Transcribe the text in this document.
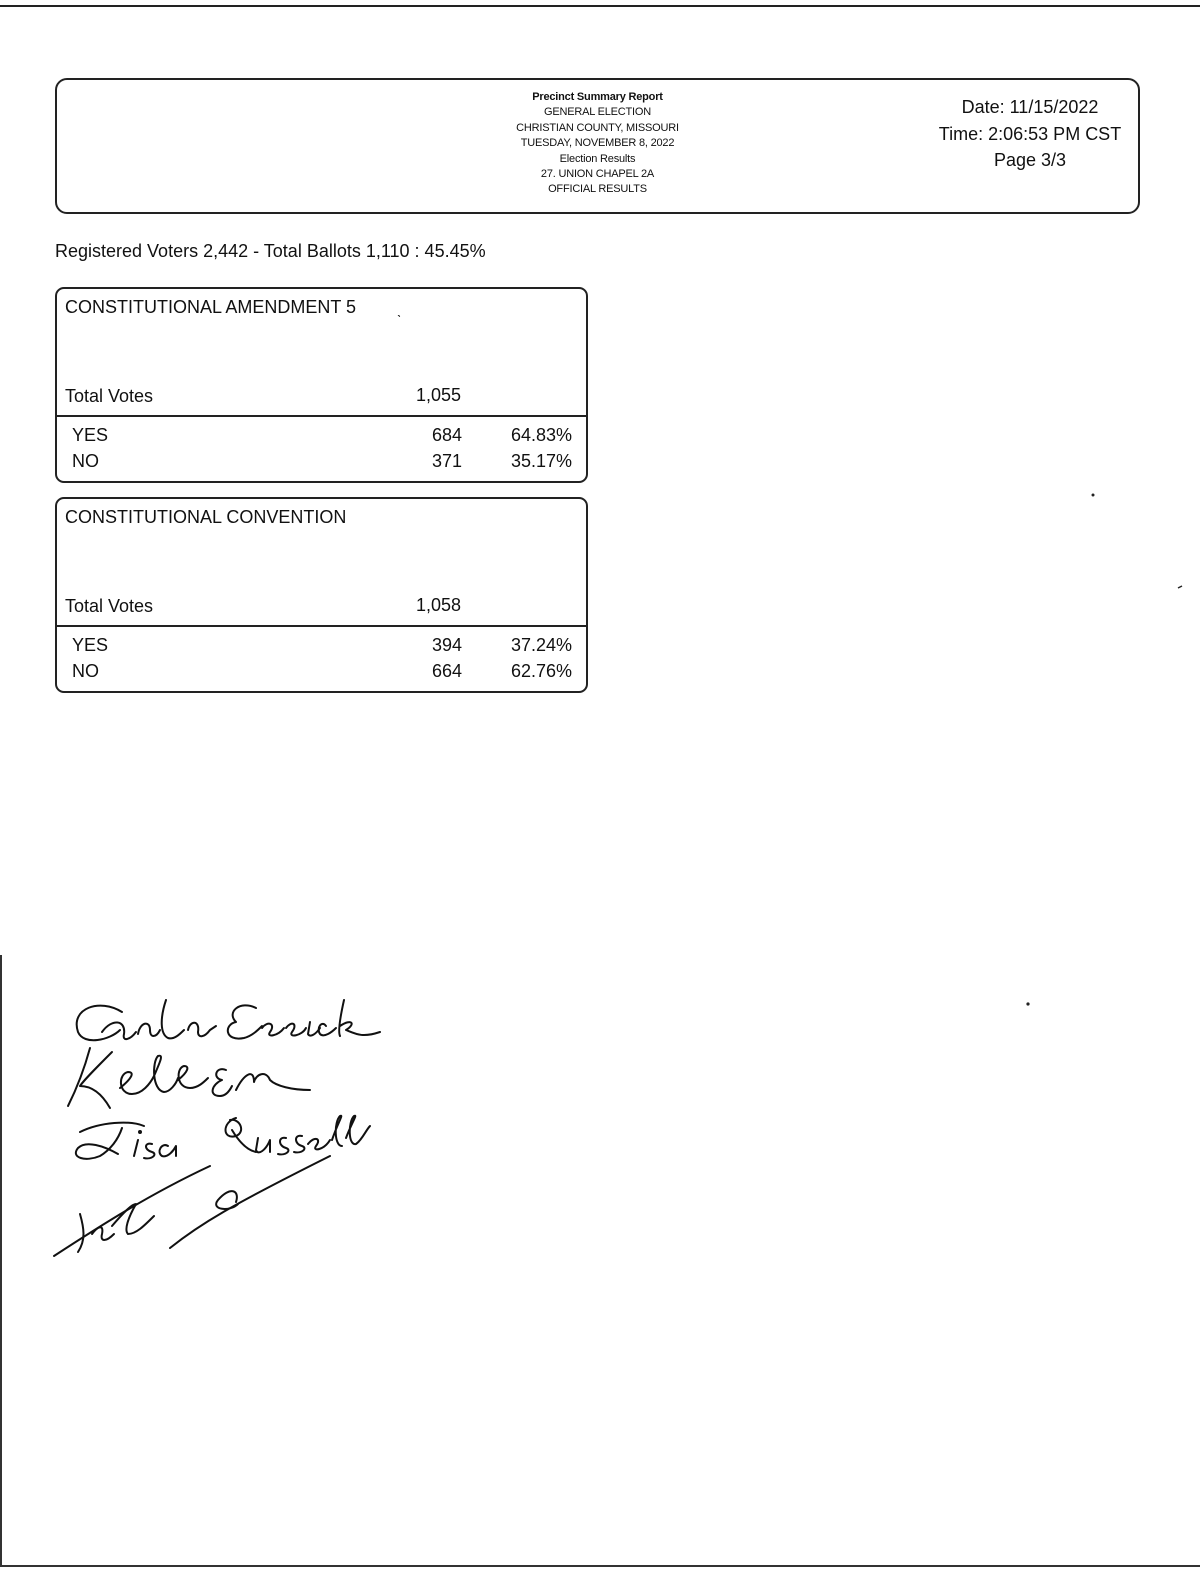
Precinct Summary Report
GENERAL ELECTION
CHRISTIAN COUNTY, MISSOURI
TUESDAY, NOVEMBER 8, 2022
Election Results
27. UNION CHAPEL 2A
OFFICIAL RESULTS
Date: 11/15/2022
Time: 2:06:53 PM CST
Page 3/3
Registered Voters 2,442 - Total Ballots 1,110 : 45.45%
CONSTITUTIONAL AMENDMENT 5	ˎ
Total Votes	1,055
YES	684	64.83%
NO	371	35.17%
CONSTITUTIONAL CONVENTION
Total Votes	1,058
YES	394	37.24%
NO	664	62.76%
